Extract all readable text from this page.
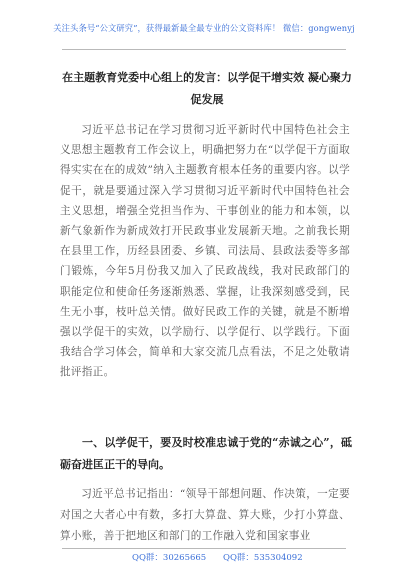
关注头条号“公文研究”，获得最新最全最专业的公文资料库！ 微信：gongwenyj
在主题教育党委中心组上的发言：以学促干增实效 凝心聚力促发展

习近平总书记在学习贯彻习近平新时代中国特色社会主义思想主题教育工作会议上，明确把努力在“以学促干方面取得实实在在的成效”纳入主题教育根本任务的重要内容。以学促干，就是要通过深入学习贯彻习近平新时代中国特色社会主义思想，增强全党担当作为、干事创业的能力和本领，以新气象新作为新成效打开民政事业发展新天地。之前我长期在县里工作，历经县团委、乡镇、司法局、县政法委等多部门锻炼，今年5月份我又加入了民政战线，我对民政部门的职能定位和使命任务逐渐熟悉、掌握，让我深刻感受到，民生无小事，枝叶总关情。做好民政工作的关键，就是不断增强以学促干的实效，以学励行、以学促行、以学践行。下面我结合学习体会，简单和大家交流几点看法，不足之处敬请批评指正。

一、以学促干，要及时校准忠诚于党的“赤诚之心”，砥砺奋进匡正干的导向。

习近平总书记指出：“领导干部想问题、作决策，一定要对国之大者心中有数，多打大算盘、算大账，少打小算盘、算小账，善于把地区和部门的工作融入党和国家事业

QQ群：30265665 QQ群：535304092
